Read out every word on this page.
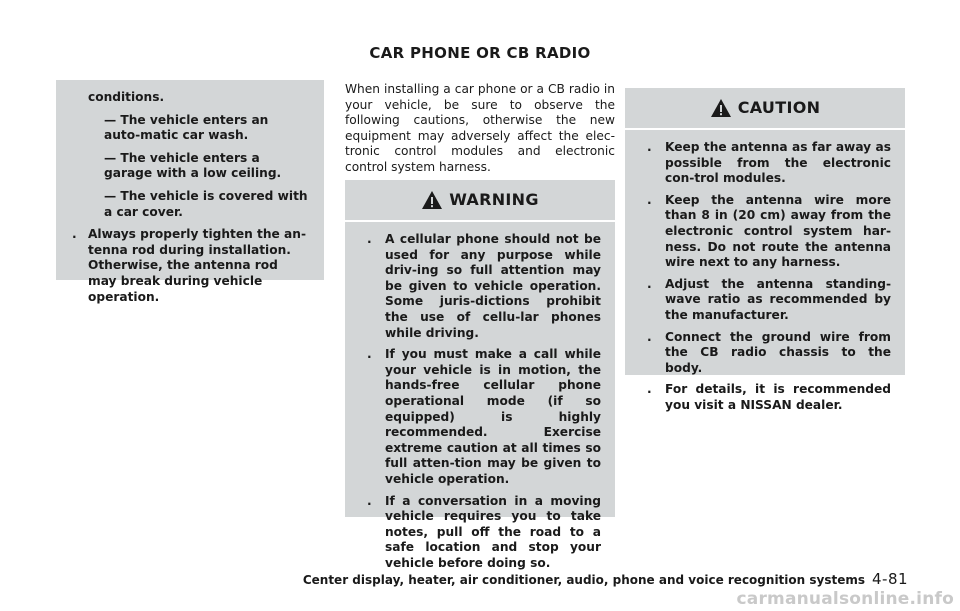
CAR PHONE OR CB RADIO

conditions.

— The vehicle enters an auto-matic car wash.

— The vehicle enters a garage with a low ceiling.

— The vehicle is covered with a car cover.

. Always properly tighten the an-tenna rod during installation. Otherwise, the antenna rod may break during vehicle operation.

When installing a car phone or a CB radio in your vehicle, be sure to observe the following cautions, otherwise the new equipment may adversely affect the elec-tronic control modules and electronic control system harness.

WARNING

. A cellular phone should not be used for any purpose while driv-ing so full attention may be given to vehicle operation. Some juris-dictions prohibit the use of cellu-lar phones while driving.

. If you must make a call while your vehicle is in motion, the hands-free cellular phone operational mode (if so equipped) is highly recommended. Exercise extreme caution at all times so full atten-tion may be given to vehicle operation.

. If a conversation in a moving vehicle requires you to take notes, pull off the road to a safe location and stop your vehicle before doing so.

CAUTION

. Keep the antenna as far away as possible from the electronic con-trol modules.

. Keep the antenna wire more than 8 in (20 cm) away from the electronic control system har-ness. Do not route the antenna wire next to any harness.

. Adjust the antenna standing-wave ratio as recommended by the manufacturer.

. Connect the ground wire from the CB radio chassis to the body.

. For details, it is recommended you visit a NISSAN dealer.

Center display, heater, air conditioner, audio, phone and voice recognition systems 4-81
carmanualsonline.info
